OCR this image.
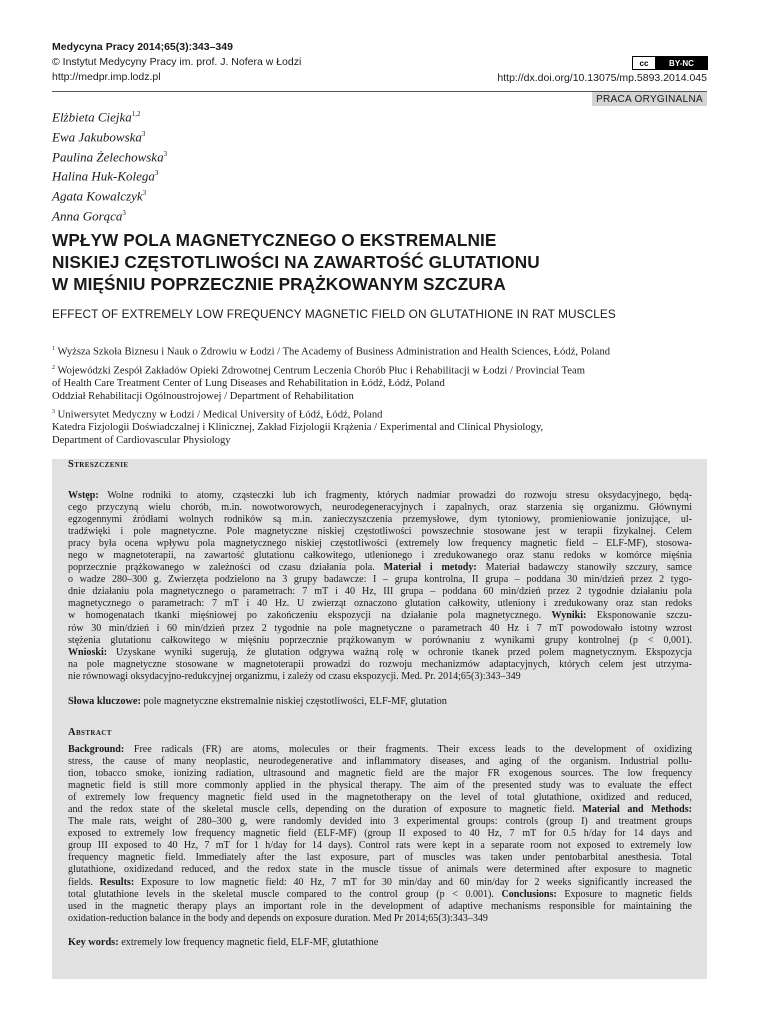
Medycyna Pracy 2014;65(3):343–349
© Instytut Medycyny Pracy im. prof. J. Nofera w Łodzi
http://medpr.imp.lodz.pl
cc	BY-NC
http://dx.doi.org/10.13075/mp.5893.2014.045
PRACA ORYGINALNA
Elżbieta Ciejka$^{1,2}$
Ewa Jakubowska$^3$
Paulina Żelechowska$^3$
Halina Huk-Kolega$^3$
Agata Kowalczyk$^3$
Anna Gorąca$^3$
WPŁYW POLA MAGNETYCZNEGO O EKSTREMALNIE
NISKIEJ CZĘSTOTLIWOŚCI NA ZAWARTOŚĆ GLUTATIONU
W MIĘŚNIU POPRZECZNIE PRĄŻKOWANYM SZCZURA
EFFECT OF EXTREMELY LOW FREQUENCY MAGNETIC FIELD ON GLUTATHIONE IN RAT MUSCLES
$^1$ Wyższa Szkoła Biznesu i Nauk o Zdrowiu w Łodzi / The Academy of Business Administration and Health Sciences, Łódź, Poland
$^2$ Wojewódzki Zespół Zakładów Opieki Zdrowotnej Centrum Leczenia Chorób Płuc i Rehabilitacji w Łodzi / Provincial Team
of Health Care Treatment Center of Lung Diseases and Rehabilitation in Łódź, Łódź, Poland
Oddział Rehabilitacji Ogólnoustrojowej / Department of Rehabilitation
$^3$ Uniwersytet Medyczny w Łodzi / Medical University of Łódź, Łódź, Poland
Katedra Fizjologii Doświadczalnej i Klinicznej, Zakład Fizjologii Krążenia / Experimental and Clinical Physiology,
Department of Cardiovascular Physiology
Streszczenie
Wstęp: Wolne rodniki to atomy, cząsteczki lub ich fragmenty, których nadmiar prowadzi do rozwoju stresu oksydacyjnego, będą-
cego przyczyną wielu chorób, m.in. nowotworowych, neurodegeneracyjnych i zapalnych, oraz starzenia się organizmu. Głównymi
egzogennymi źródłami wolnych rodników są m.in. zanieczyszczenia przemysłowe, dym tytoniowy, promieniowanie jonizujące, ul-
tradźwięki i pole magnetyczne. Pole magnetyczne niskiej częstotliwości powszechnie stosowane jest w terapii fizykalnej. Celem
pracy była ocena wpływu pola magnetycznego niskiej częstotliwości (extremely low frequency magnetic field – ELF-MF), stosowa-
nego w magnetoterapii, na zawartość glutationu całkowitego, utlenionego i zredukowanego oraz stanu redoks w komórce mięśnia
poprzecznie prążkowanego w zależności od czasu działania pola. Materiał i metody: Materiał badawczy stanowiły szczury, samce
o wadze 280–300 g. Zwierzęta podzielono na 3 grupy badawcze: I – grupa kontrolna, II grupa – poddana 30 min/dzień przez 2 tygo-
dnie działaniu pola magnetycznego o parametrach: 7 mT i 40 Hz, III grupa – poddana 60 min/dzień przez 2 tygodnie działaniu pola
magnetycznego o parametrach: 7 mT i 40 Hz. U zwierząt oznaczono glutation całkowity, utleniony i zredukowany oraz stan redoks
w homogenatach tkanki mięśniowej po zakończeniu ekspozycji na działanie pola magnetycznego. Wyniki: Eksponowanie szczu-
rów 30 min/dzień i 60 min/dzień przez 2 tygodnie na pole magnetyczne o parametrach 40 Hz i 7 mT powodowało istotny wzrost
stężenia glutationu całkowitego w mięśniu poprzecznie prążkowanym w porównaniu z wynikami grupy kontrolnej (p < 0,001).
Wnioski: Uzyskane wyniki sugerują, że glutation odgrywa ważną rolę w ochronie tkanek przed polem magnetycznym. Ekspozycja
na pole magnetyczne stosowane w magnetoterapii prowadzi do rozwoju mechanizmów adaptacyjnych, których celem jest utrzyma-
nie równowagi oksydacyjno-redukcyjnej organizmu, i zależy od czasu ekspozycji. Med. Pr. 2014;65(3):343–349
Słowa kluczowe: pole magnetyczne ekstremalnie niskiej częstotliwości, ELF-MF, glutation
Abstract
Background: Free radicals (FR) are atoms, molecules or their fragments. Their excess leads to the development of oxidizing
stress, the cause of many neoplastic, neurodegenerative and inflammatory diseases, and aging of the organism. Industrial pollu-
tion, tobacco smoke, ionizing radiation, ultrasound and magnetic field are the major FR exogenous sources. The low frequency
magnetic field is still more commonly applied in the physical therapy. The aim of the presented study was to evaluate the effect
of extremely low frequency magnetic field used in the magnetotherapy on the level of total glutathione, oxidized and reduced,
and the redox state of the skeletal muscle cells, depending on the duration of exposure to magnetic field. Material and Methods:
The male rats, weight of 280–300 g, were randomly devided into 3 experimental groups: controls (group I) and treatment groups
exposed to extremely low frequency magnetic field (ELF-MF) (group II exposed to 40 Hz, 7 mT for 0.5 h/day for 14 days and
group III exposed to 40 Hz, 7 mT for 1 h/day for 14 days). Control rats were kept in a separate room not exposed to extremely low
frequency magnetic field. Immediately after the last exposure, part of muscles was taken under pentobarbital anesthesia. Total
glutathione, oxidizedand reduced, and the redox state in the muscle tissue of animals were determined after exposure to magnetic
fields. Results: Exposure to low magnetic field: 40 Hz, 7 mT for 30 min/day and 60 min/day for 2 weeks significantly increased the
total glutathione levels in the skeletal muscle compared to the control group (p < 0.001). Conclusions: Exposure to magnetic fields
used in the magnetic therapy plays an important role in the development of adaptive mechanisms responsible for maintaining the
oxidation-reduction balance in the body and depends on exposure duration. Med Pr 2014;65(3):343–349
Key words: extremely low frequency magnetic field, ELF-MF, glutathione
